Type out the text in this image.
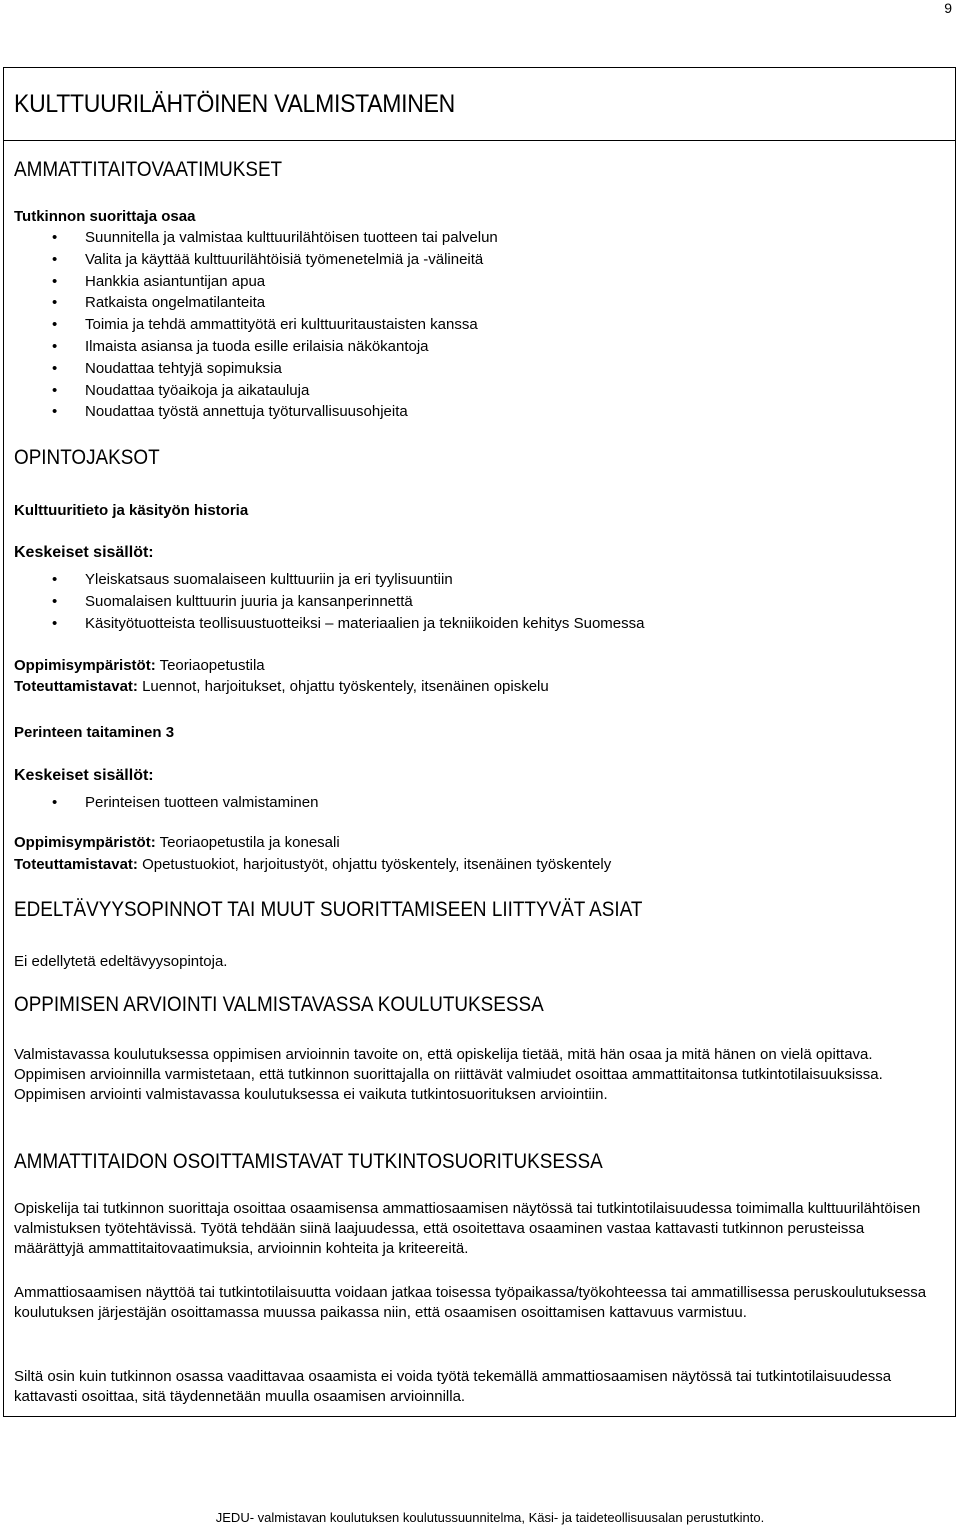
9
KULTTUURILÄHTÖINEN VALMISTAMINEN
AMMATTITAITOVAATIMUKSET
Tutkinnon suorittaja osaa
• Suunnitella ja valmistaa kulttuurilähtöisen tuotteen tai palvelun
• Valita ja käyttää kulttuurilähtöisiä työmenetelmiä ja -välineitä
• Hankkia asiantuntijan apua
• Ratkaista ongelmatilanteita
• Toimia ja tehdä ammattityötä eri kulttuuritaustaisten kanssa
• Ilmaista asiansa ja tuoda esille erilaisia näkökantoja
• Noudattaa tehtyjä sopimuksia
• Noudattaa työaikoja ja aikatauluja
• Noudattaa työstä annettuja työturvallisuusohjeita
OPINTOJAKSOT
Kulttuuritieto ja käsityön historia
Keskeiset sisällöt:
• Yleiskatsaus suomalaiseen kulttuuriin ja eri tyylisuuntiin
• Suomalaisen kulttuurin juuria ja kansanperinnettä
• Käsityötuotteista teollisuustuotteiksi – materiaalien ja tekniikoiden kehitys Suomessa
Oppimisympäristöt: Teoriaopetustila
Toteuttamistavat: Luennot, harjoitukset, ohjattu työskentely, itsenäinen opiskelu
Perinteen taitaminen 3
Keskeiset sisällöt:
• Perinteisen tuotteen valmistaminen
Oppimisympäristöt: Teoriaopetustila ja konesali
Toteuttamistavat: Opetustuokiot, harjoitustyöt, ohjattu työskentely, itsenäinen työskentely
EDELTÄVYYSOPINNOT TAI MUUT SUORITTAMISEEN LIITTYVÄT ASIAT
Ei edellytetä edeltävyysopintoja.
OPPIMISEN ARVIOINTI VALMISTAVASSA KOULUTUKSESSA

Valmistavassa koulutuksessa oppimisen arvioinnin tavoite on, että opiskelija tietää, mitä hän osaa ja mitä hänen on vielä opittava. Oppimisen arvioinnilla varmistetaan, että tutkinnon suorittajalla on riittävät valmiudet osoittaa ammattitaitonsa tutkintotilaisuuksissa. Oppimisen arviointi valmistavassa koulutuksessa ei vaikuta tutkintosuorituksen arviointiin.

AMMATTITAIDON OSOITTAMISTAVAT TUTKINTOSUORITUKSESSA

Opiskelija tai tutkinnon suorittaja osoittaa osaamisensa ammattiosaamisen näytössä tai tutkintotilaisuudessa toimimalla kulttuurilähtöisen valmistuksen työtehtävissä. Työtä tehdään siinä laajuudessa, että osoitettava osaaminen vastaa kattavasti tutkinnon perusteissa määrättyjä ammattitaitovaatimuksia, arvioinnin kohteita ja kriteereitä.

Ammattiosaamisen näyttöä tai tutkintotilaisuutta voidaan jatkaa toisessa työpaikassa/työkohteessa tai ammatillisessa peruskoulutuksessa koulutuksen järjestäjän osoittamassa muussa paikassa niin, että osaamisen osoittamisen kattavuus varmistuu.

Siltä osin kuin tutkinnon osassa vaadittavaa osaamista ei voida työtä tekemällä ammattiosaamisen näytössä tai tutkintotilaisuudessa kattavasti osoittaa, sitä täydennetään muulla osaamisen arvioinnilla.

JEDU- valmistavan koulutuksen koulutussuunnitelma, Käsi- ja taideteollisuusalan perustutkinto.
